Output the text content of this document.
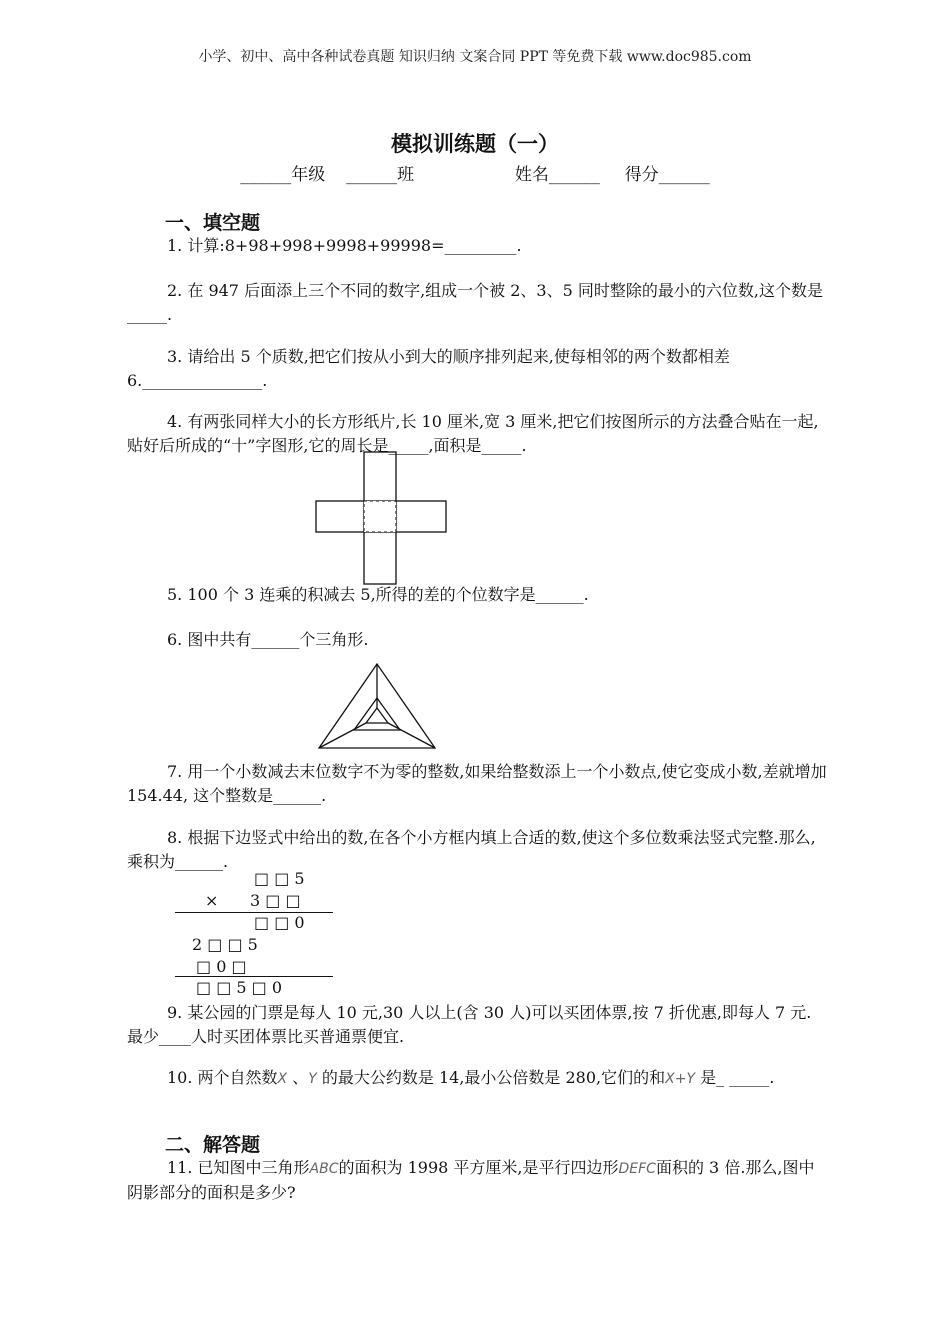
小学、初中、高中各种试卷真题 知识归纳 文案合同 PPT 等免费下载 www.doc985.com
模拟训练题（一）
______年级 ______班	姓名______ 得分______
一、填空题
1. 计算:8+98+998+9998+99998=_________.
2. 在 947 后面添上三个不同的数字,组成一个被 2、3、5 同时整除的最小的六位数,这个数是_____.
3. 请给出 5 个质数,把它们按从小到大的顺序排列起来,使每相邻的两个数都相差 6._______________.
4. 有两张同样大小的长方形纸片,长 10 厘米,宽 3 厘米,把它们按图所示的方法叠合贴在一起,贴好后所成的“十”字图形,它的周长是_____,面积是_____.
5. 100 个 3 连乘的积减去 5,所得的差的个位数字是______.
6. 图中共有______个三角形.
7. 用一个小数减去末位数字不为零的整数,如果给整数添上一个小数点,使它变成小数,差就增加 154.44, 这个整数是______.
8. 根据下边竖式中给出的数,在各个小方框内填上合适的数,使这个多位数乘法竖式完整.那么,乘积为______.
□ □ 5
× 3 □ □
□ □ 0
2 □ □ 5
□ 0 □
□ □ 5 □ 0
9. 某公园的门票是每人 10 元,30 人以上(含 30 人)可以买团体票,按 7 折优惠,即每人 7 元.最少____人时买团体票比买普通票便宜.
10. 两个自然数X 、Y 的最大公约数是 14,最小公倍数是 280,它们的和X+Y 是_ _____.
二、解答题
11. 已知图中三角形ABC的面积为 1998 平方厘米,是平行四边形DEFC面积的 3 倍.那么,图中阴影部分的面积是多少?
